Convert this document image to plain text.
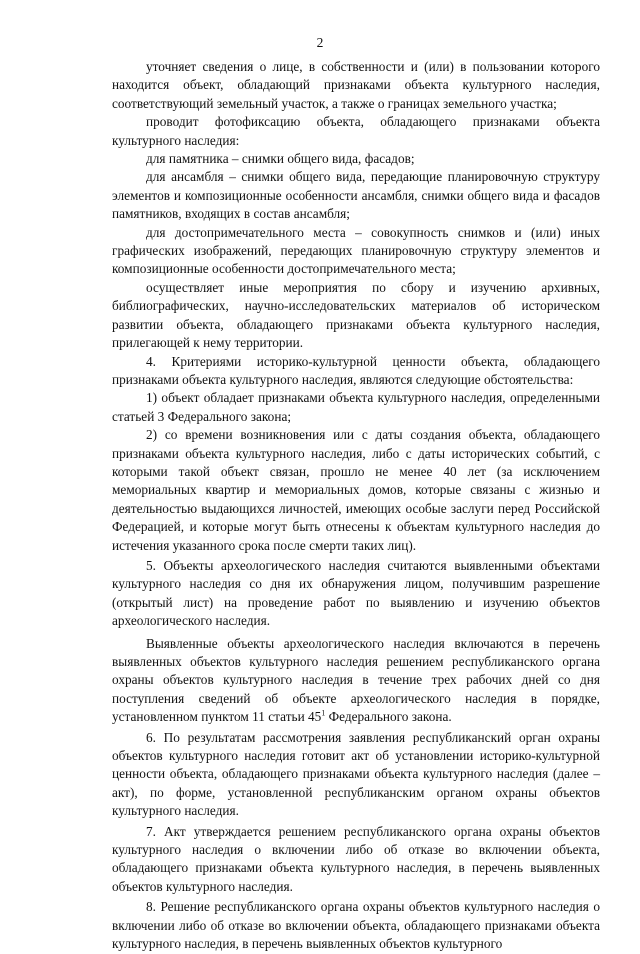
2

уточняет сведения о лице, в собственности и (или) в пользовании которого находится объект, обладающий признаками объекта культурного наследия, соответствующий земельный участок, а также о границах земельного участка;

проводит фотофиксацию объекта, обладающего признаками объекта культурного наследия:

для памятника – снимки общего вида, фасадов;

для ансамбля – снимки общего вида, передающие планировочную структуру элементов и композиционные особенности ансамбля, снимки общего вида и фасадов памятников, входящих в состав ансамбля;

для достопримечательного места – совокупность снимков и (или) иных графических изображений, передающих планировочную структуру элементов и композиционные особенности достопримечательного места;

осуществляет иные мероприятия по сбору и изучению архивных, библиографических, научно-исследовательских материалов об историческом развитии объекта, обладающего признаками объекта культурного наследия, прилегающей к нему территории.

4. Критериями историко-культурной ценности объекта, обладающего признаками объекта культурного наследия, являются следующие обстоятельства:

1) объект обладает признаками объекта культурного наследия, определенными статьей 3 Федерального закона;

2) со времени возникновения или с даты создания объекта, обладающего признаками объекта культурного наследия, либо с даты исторических событий, с которыми такой объект связан, прошло не менее 40 лет (за исключением мемориальных квартир и мемориальных домов, которые связаны с жизнью и деятельностью выдающихся личностей, имеющих особые заслуги перед Российской Федерацией, и которые могут быть отнесены к объектам культурного наследия до истечения указанного срока после смерти таких лиц).

5. Объекты археологического наследия считаются выявленными объектами культурного наследия со дня их обнаружения лицом, получившим разрешение (открытый лист) на проведение работ по выявлению и изучению объектов археологического наследия.

Выявленные объекты археологического наследия включаются в перечень выявленных объектов культурного наследия решением республиканского органа охраны объектов культурного наследия в течение трех рабочих дней со дня поступления сведений об объекте археологического наследия в порядке, установленном пунктом 11 статьи $45^1$ Федерального закона.

6. По результатам рассмотрения заявления республиканский орган охраны объектов культурного наследия готовит акт об установлении историко-культурной ценности объекта, обладающего признаками объекта культурного наследия (далее – акт), по форме, установленной республиканским органом охраны объектов культурного наследия.

7. Акт утверждается решением республиканского органа охраны объектов культурного наследия о включении либо об отказе во включении объекта, обладающего признаками объекта культурного наследия, в перечень выявленных объектов культурного наследия.

8. Решение республиканского органа охраны объектов культурного наследия о включении либо об отказе во включении объекта, обладающего признаками объекта культурного наследия, в перечень выявленных объектов культурного
